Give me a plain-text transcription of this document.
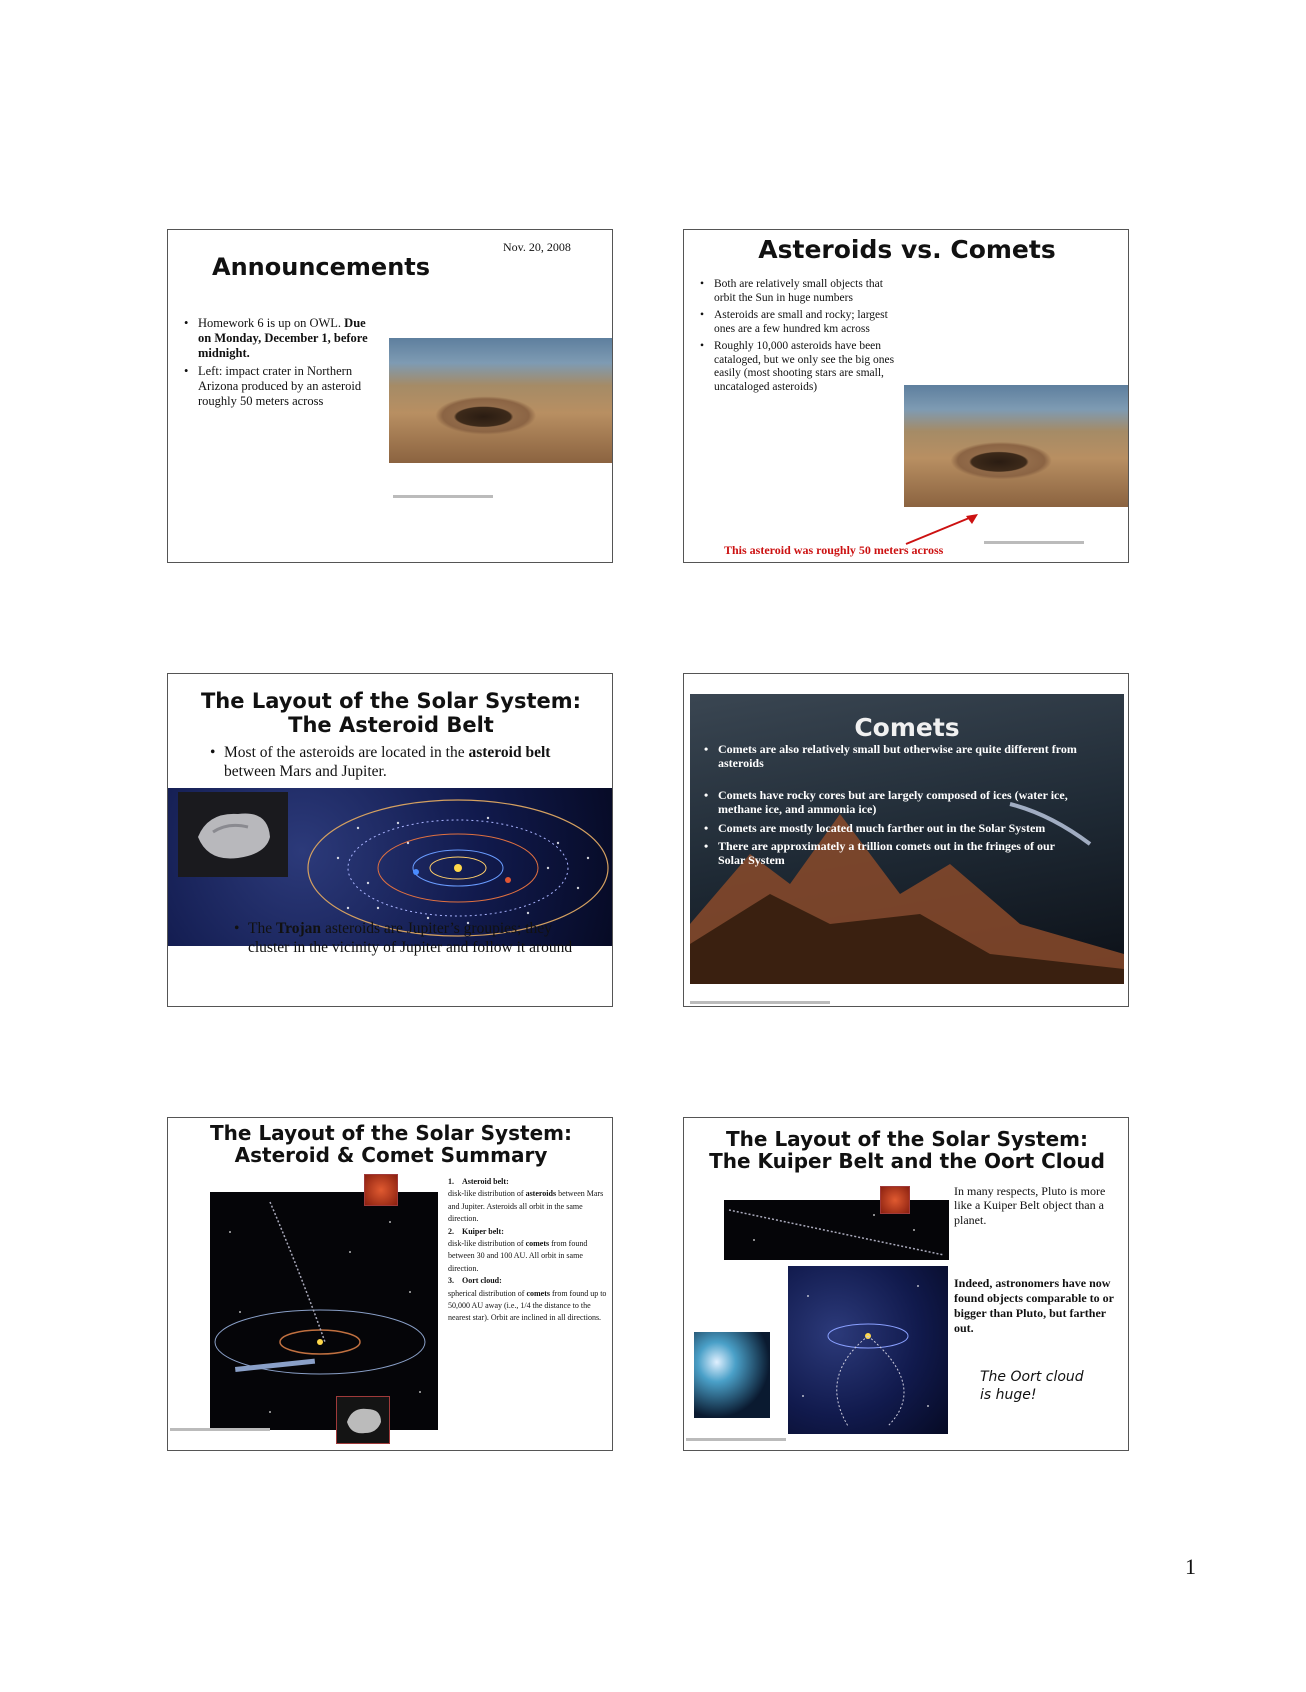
Announcements
Nov. 20, 2008
• Homework 6 is up on OWL. Due on Monday, December 1, before midnight.
• Left: impact crater in Northern Arizona produced by an asteroid roughly 50 meters across
Asteroids vs. Comets
• Both are relatively small objects that orbit the Sun in huge numbers
• Asteroids are small and rocky; largest ones are a few hundred km across
• Roughly 10,000 asteroids have been cataloged, but we only see the big ones easily (most shooting stars are small, uncataloged asteroids)
This asteroid was roughly 50 meters across
The Layout of the Solar System:
The Asteroid Belt
• Most of the asteroids are located in the asteroid belt between Mars and Jupiter.
• The Trojan asteroids are Jupiter’s groupies; they cluster in the vicinity of Jupiter and follow it around
Comets
• Comets are also relatively small but otherwise are quite different from asteroids
• Comets have rocky cores but are largely composed of ices (water ice, methane ice, and ammonia ice)
• Comets are mostly located much farther out in the Solar System
• There are approximately a trillion comets out in the fringes of our Solar System
The Layout of the Solar System:
Asteroid & Comet Summary
1. Asteroid belt:
disk-like distribution of asteroids between Mars and Jupiter. Asteroids all orbit in the same direction.
2. Kuiper belt:
disk-like distribution of comets from found between 30 and 100 AU. All orbit in same direction.
3. Oort cloud:
spherical distribution of comets from found up to 50,000 AU away (i.e., 1/4 the distance to the nearest star). Orbit are inclined in all directions.
The Layout of the Solar System:
The Kuiper Belt and the Oort Cloud
In many respects, Pluto is more like a Kuiper Belt object than a planet.
Indeed, astronomers have now found objects comparable to or bigger than Pluto, but farther out.
The Oort cloud is huge!
1
